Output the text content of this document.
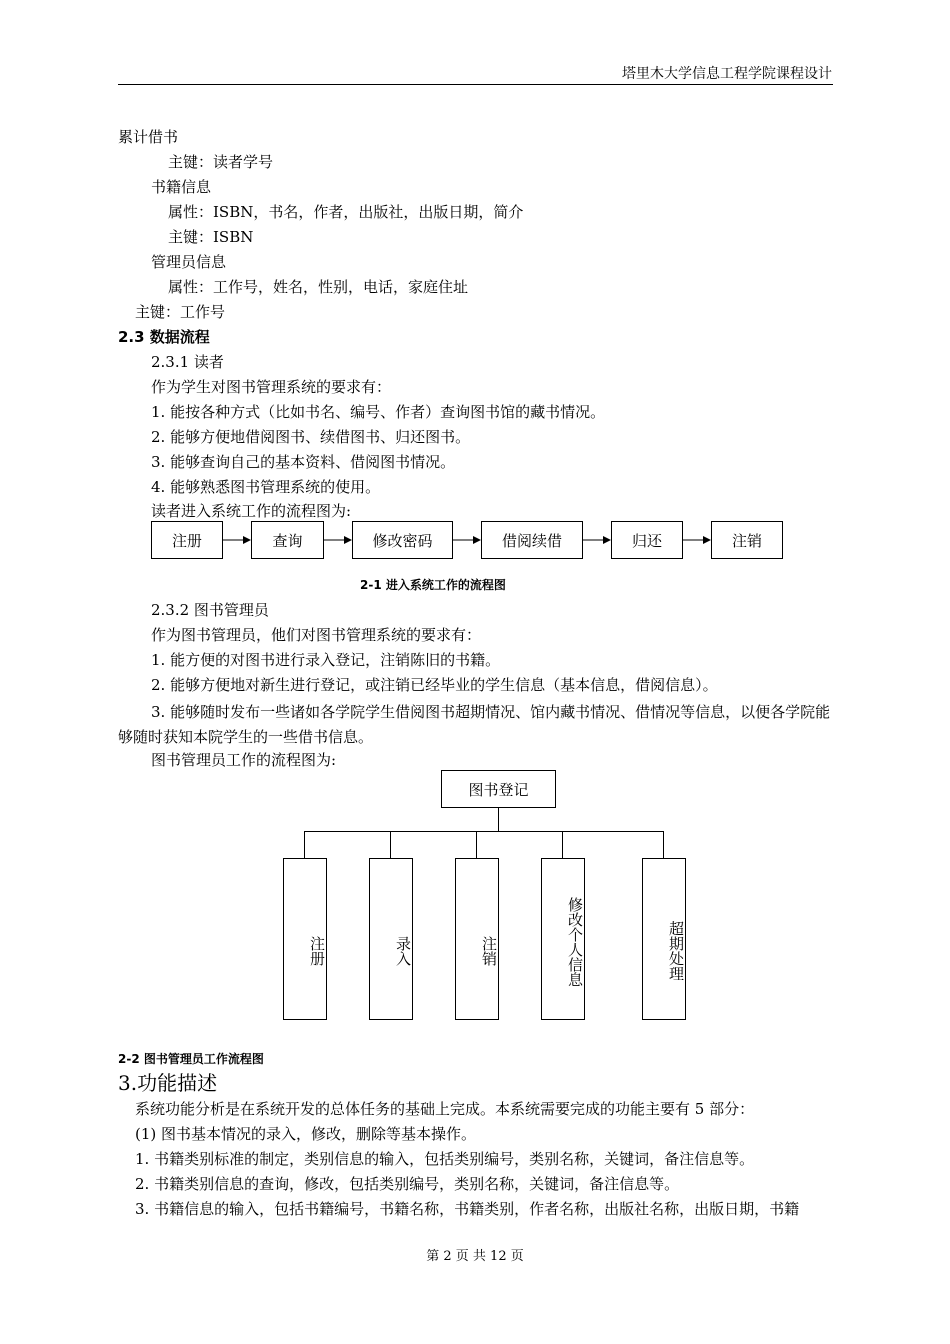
塔里木大学信息工程学院课程设计
累计借书
主键：读者学号
书籍信息
属性：ISBN，书名，作者，出版社，出版日期，简介
主键：ISBN
管理员信息
属性：工作号，姓名，性别，电话，家庭住址
主键：工作号
2.3 数据流程
2.3.1 读者
作为学生对图书管理系统的要求有：
1. 能按各种方式（比如书名、编号、作者）查询图书馆的藏书情况。
2. 能够方便地借阅图书、续借图书、归还图书。
3. 能够查询自己的基本资料、借阅图书情况。
4. 能够熟悉图书管理系统的使用。
读者进入系统工作的流程图为:
注册	查询	修改密码	借阅续借	归还	注销
2-1 进入系统工作的流程图
2.3.2 图书管理员
作为图书管理员，他们对图书管理系统的要求有：
1. 能方便的对图书进行录入登记，注销陈旧的书籍。
2. 能够方便地对新生进行登记，或注销已经毕业的学生信息（基本信息，借阅信息）。
3. 能够随时发布一些诸如各学院学生借阅图书超期情况、馆内藏书情况、借情况等信息，以便各学院能够随时获知本院学生的一些借书信息。
图书管理员工作的流程图为:
图书登记
注册	录入	注销	修改个人信息	超期处理
2-2 图书管理员工作流程图
3.功能描述
系统功能分析是在系统开发的总体任务的基础上完成。本系统需要完成的功能主要有 5 部分：
(1) 图书基本情况的录入，修改，删除等基本操作。
1. 书籍类别标准的制定，类别信息的输入，包括类别编号，类别名称，关键词，备注信息等。
2. 书籍类别信息的查询，修改，包括类别编号，类别名称，关键词，备注信息等。
3. 书籍信息的输入，包括书籍编号，书籍名称，书籍类别，作者名称，出版社名称，出版日期，书籍
第 2 页 共 12 页
